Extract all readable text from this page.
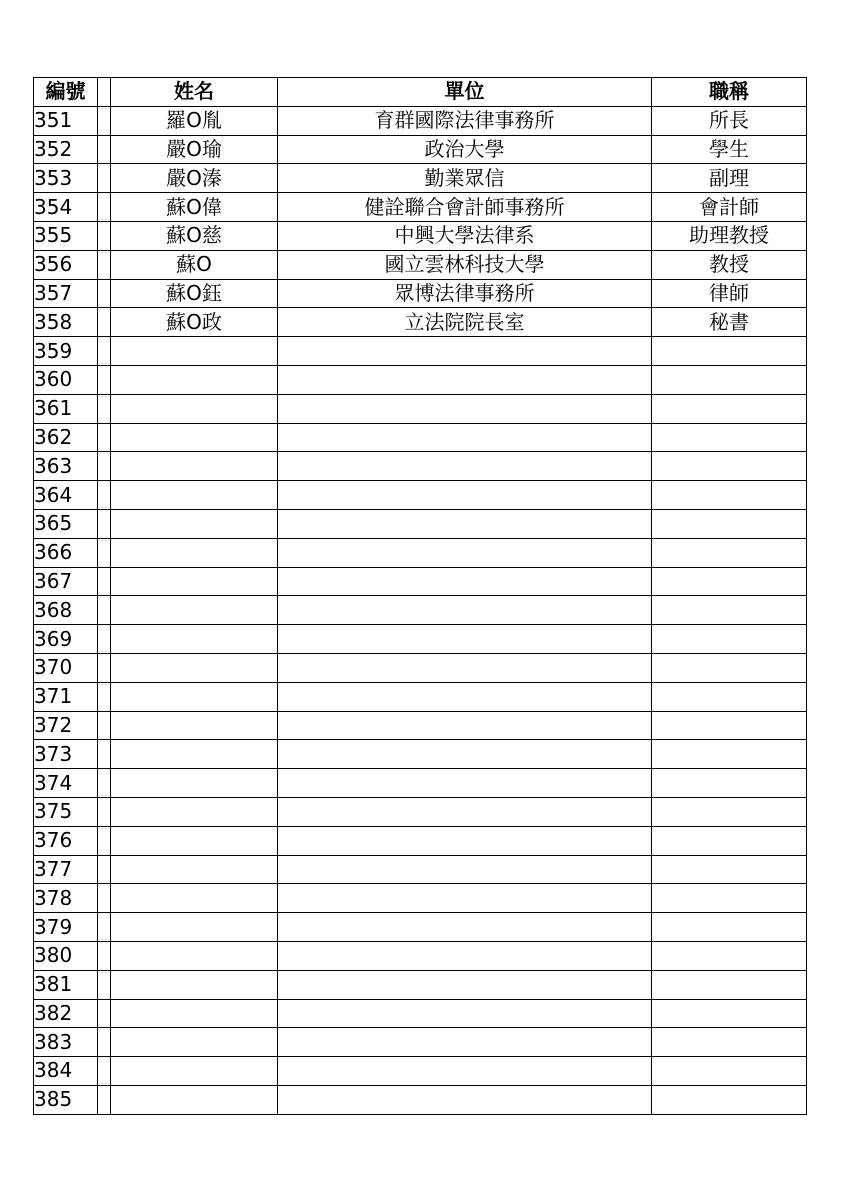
編號		姓名	單位	職稱
351		羅O胤	育群國際法律事務所	所長
352		嚴O瑜	政治大學	學生
353		嚴O溱	勤業眾信	副理
354		蘇O偉	健詮聯合會計師事務所	會計師
355		蘇O慈	中興大學法律系	助理教授
356		蘇O	國立雲林科技大學	教授
357		蘇O鈺	眾博法律事務所	律師
358		蘇O政	立法院院長室	秘書
359				
360				
361				
362				
363				
364				
365				
366				
367				
368				
369				
370				
371				
372				
373				
374				
375				
376				
377				
378				
379				
380				
381				
382				
383				
384				
385				
